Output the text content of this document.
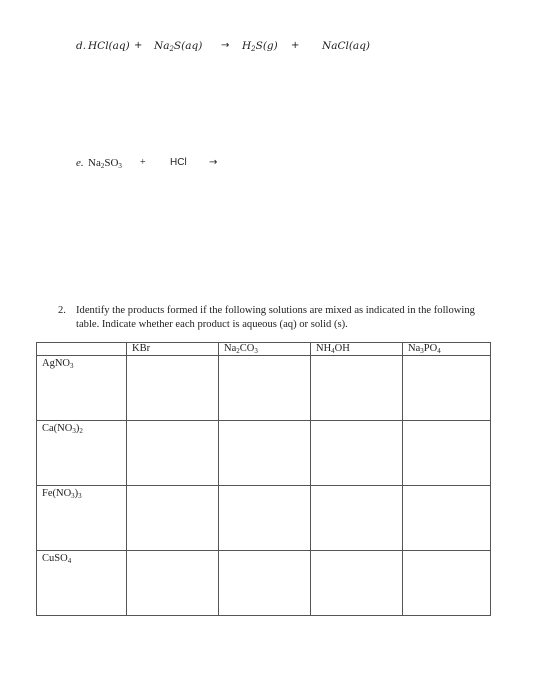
d. $HCl(aq) + Na_2S(aq) \to H_2S(g)$ + NaCl(aq)
e. $Na_2SO_3$ + HCl →
2. Identify the products formed if the following solutions are mixed as indicated in the following table. Indicate whether each product is aqueous (aq) or solid (s).

	KBr	$Na_2CO_3$	$NH_4OH$	$Na_3PO_4$

AgNO$_3$

$Ca(NO_3)_2$

$Fe(NO_3)_3$

CuSO$_4$
